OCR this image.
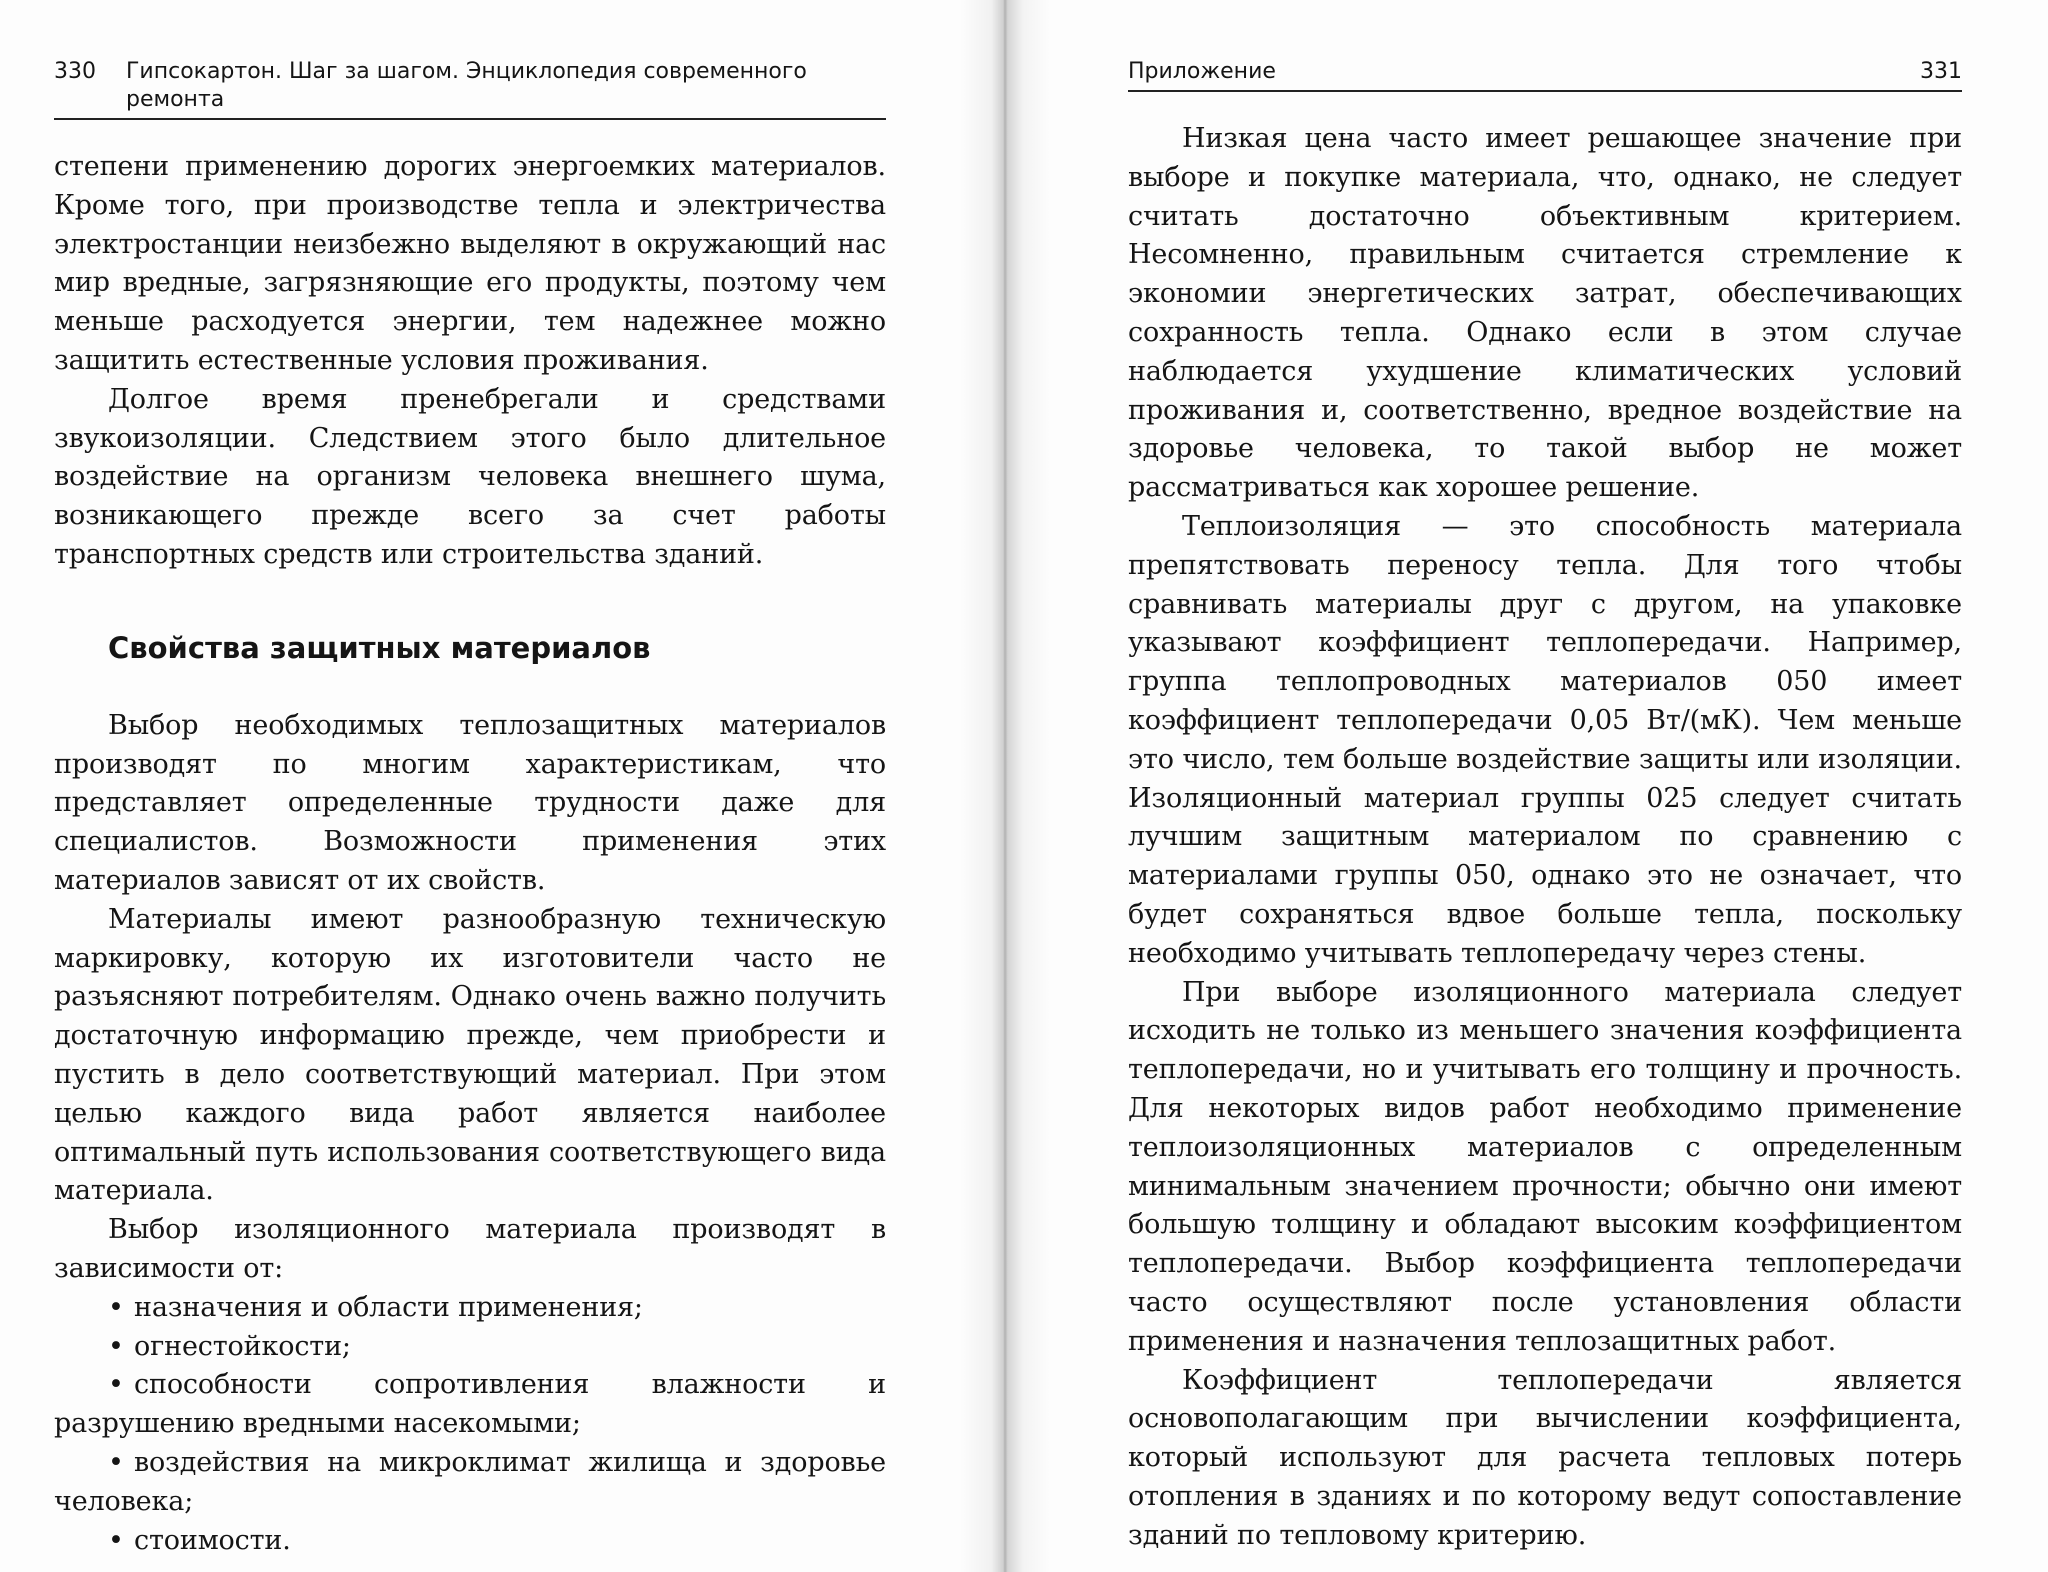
330 Гипсокартон. Шаг за шагом. Энциклопедия современного ремонта

степени применению дорогих энергоемких материалов. Кроме того, при производстве тепла и электричества электростанции неизбежно выделяют в окружающий нас мир вредные, загрязняющие его продукты, поэтому чем меньше расходуется энергии, тем надежнее можно защитить естественные условия проживания.

Долгое время пренебрегали и средствами звукоизоляции. Следствием этого было длительное воздействие на организм человека внешнего шума, возникающего прежде всего за счет работы транспортных средств или строительства зданий.

Свойства защитных материалов

Выбор необходимых теплозащитных материалов производят по многим характеристикам, что представляет определенные трудности даже для специалистов. Возможности применения этих материалов зависят от их свойств.

Материалы имеют разнообразную техническую маркировку, которую их изготовители часто не разъясняют потребителям. Однако очень важно получить достаточную информацию прежде, чем приобрести и пустить в дело соответствующий материал. При этом целью каждого вида работ является наиболее оптимальный путь использования соответствующего вида материала.

Выбор изоляционного материала производят в зависимости от:

• назначения и области применения;
• огнестойкости;
• способности сопротивления влажности и разрушению вредными насекомыми;
• воздействия на микроклимат жилища и здоровье человека;
• стоимости.
Приложение	331

Низкая цена часто имеет решающее значение при выборе и покупке материала, что, однако, не следует считать достаточно объективным критерием. Несомненно, правильным считается стремление к экономии энергетических затрат, обеспечивающих сохранность тепла. Однако если в этом случае наблюдается ухудшение климатических условий проживания и, соответственно, вредное воздействие на здоровье человека, то такой выбор не может рассматриваться как хорошее решение.

Теплоизоляция — это способность материала препятствовать переносу тепла. Для того чтобы сравнивать материалы друг с другом, на упаковке указывают коэффициент теплопередачи. Например, группа теплопроводных материалов 050 имеет коэффициент теплопередачи 0,05 Вт/(мК). Чем меньше это число, тем больше воздействие защиты или изоляции. Изоляционный материал группы 025 следует считать лучшим защитным материалом по сравнению с материалами группы 050, однако это не означает, что будет сохраняться вдвое больше тепла, поскольку необходимо учитывать теплопередачу через стены.

При выборе изоляционного материала следует исходить не только из меньшего значения коэффициента теплопередачи, но и учитывать его толщину и прочность. Для некоторых видов работ необходимо применение теплоизоляционных материалов с определенным минимальным значением прочности; обычно они имеют большую толщину и обладают высоким коэффициентом теплопередачи. Выбор коэффициента теплопередачи часто осуществляют после установления области применения и назначения теплозащитных работ.

Коэффициент теплопередачи является основополагающим при вычислении коэффициента, который используют для расчета тепловых потерь отопления в зданиях и по которому ведут сопоставление зданий по тепловому критерию.
